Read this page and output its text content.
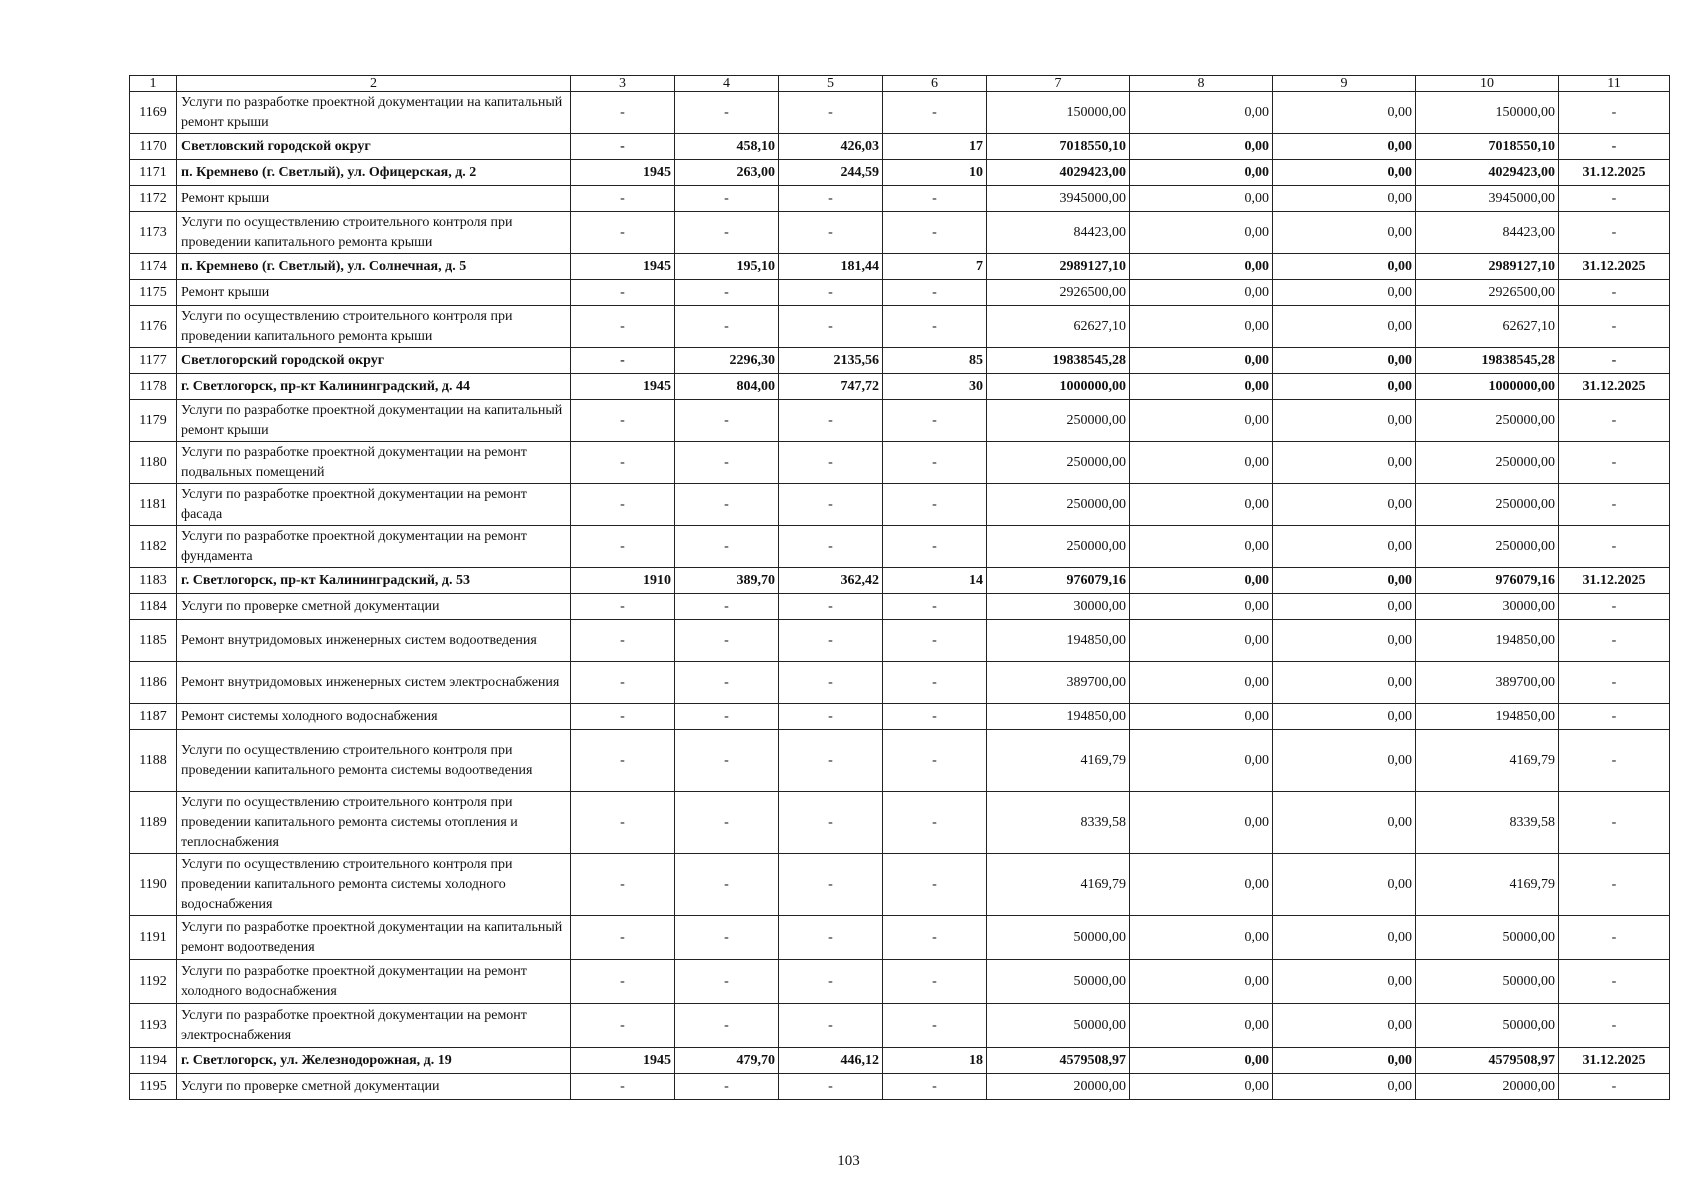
1	2	3	4	5	6	7	8	9	10	11
1169	Услуги по разработке проектной документации на капитальный ремонт крыши	-	-	-	-	150000,00	0,00	0,00	150000,00	-
1170	Светловский городской округ	-	458,10	426,03	17	7018550,10	0,00	0,00	7018550,10	-
1171	п. Кремнево (г. Светлый), ул. Офицерская, д. 2	1945	263,00	244,59	10	4029423,00	0,00	0,00	4029423,00	31.12.2025
1172	Ремонт крыши	-	-	-	-	3945000,00	0,00	0,00	3945000,00	-
1173	Услуги по осуществлению строительного контроля при проведении капитального ремонта крыши	-	-	-	-	84423,00	0,00	0,00	84423,00	-
1174	п. Кремнево (г. Светлый), ул. Солнечная, д. 5	1945	195,10	181,44	7	2989127,10	0,00	0,00	2989127,10	31.12.2025
1175	Ремонт крыши	-	-	-	-	2926500,00	0,00	0,00	2926500,00	-
1176	Услуги по осуществлению строительного контроля при проведении капитального ремонта крыши	-	-	-	-	62627,10	0,00	0,00	62627,10	-
1177	Светлогорский городской округ	-	2296,30	2135,56	85	19838545,28	0,00	0,00	19838545,28	-
1178	г. Светлогорск, пр-кт Калининградский, д. 44	1945	804,00	747,72	30	1000000,00	0,00	0,00	1000000,00	31.12.2025
1179	Услуги по разработке проектной документации на капитальный ремонт крыши	-	-	-	-	250000,00	0,00	0,00	250000,00	-
1180	Услуги по разработке проектной документации на ремонт подвальных помещений	-	-	-	-	250000,00	0,00	0,00	250000,00	-
1181	Услуги по разработке проектной документации на ремонт фасада	-	-	-	-	250000,00	0,00	0,00	250000,00	-
1182	Услуги по разработке проектной документации на ремонт фундамента	-	-	-	-	250000,00	0,00	0,00	250000,00	-
1183	г. Светлогорск, пр-кт Калининградский, д. 53	1910	389,70	362,42	14	976079,16	0,00	0,00	976079,16	31.12.2025
1184	Услуги по проверке сметной документации	-	-	-	-	30000,00	0,00	0,00	30000,00	-
1185	Ремонт внутридомовых инженерных систем водоотведения	-	-	-	-	194850,00	0,00	0,00	194850,00	-
1186	Ремонт внутридомовых инженерных систем электроснабжения	-	-	-	-	389700,00	0,00	0,00	389700,00	-
1187	Ремонт системы холодного водоснабжения	-	-	-	-	194850,00	0,00	0,00	194850,00	-
1188	Услуги по осуществлению строительного контроля при проведении капитального ремонта системы водоотведения	-	-	-	-	4169,79	0,00	0,00	4169,79	-
1189	Услуги по осуществлению строительного контроля при проведении капитального ремонта системы отопления и теплоснабжения	-	-	-	-	8339,58	0,00	0,00	8339,58	-
1190	Услуги по осуществлению строительного контроля при проведении капитального ремонта системы холодного водоснабжения	-	-	-	-	4169,79	0,00	0,00	4169,79	-
1191	Услуги по разработке проектной документации на капитальный ремонт водоотведения	-	-	-	-	50000,00	0,00	0,00	50000,00	-
1192	Услуги по разработке проектной документации на ремонт холодного водоснабжения	-	-	-	-	50000,00	0,00	0,00	50000,00	-
1193	Услуги по разработке проектной документации на ремонт электроснабжения	-	-	-	-	50000,00	0,00	0,00	50000,00	-
1194	г. Светлогорск, ул. Железнодорожная, д. 19	1945	479,70	446,12	18	4579508,97	0,00	0,00	4579508,97	31.12.2025
1195	Услуги по проверке сметной документации	-	-	-	-	20000,00	0,00	0,00	20000,00	-
103
